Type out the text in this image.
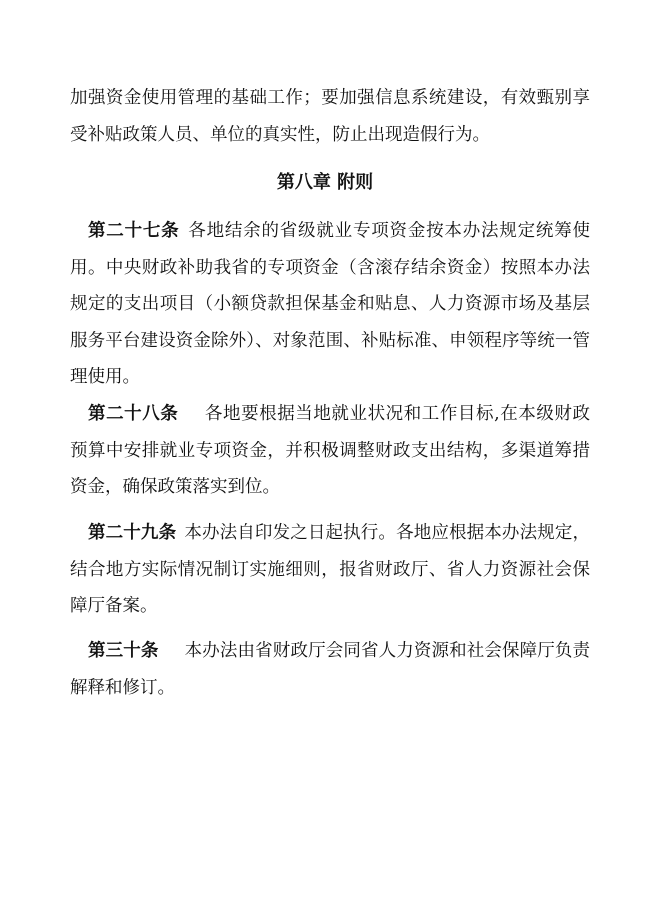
加强资金使用管理的基础工作；要加强信息系统建设，有效甄别享受补贴政策人员、单位的真实性，防止出现造假行为。

第八章 附则

第二十七条 各地结余的省级就业专项资金按本办法规定统筹使用。中央财政补助我省的专项资金（含滚存结余资金）按照本办法规定的支出项目（小额贷款担保基金和贴息、人力资源市场及基层服务平台建设资金除外）、对象范围、补贴标准、申领程序等统一管理使用。

第二十八条 各地要根据当地就业状况和工作目标,在本级财政预算中安排就业专项资金，并积极调整财政支出结构，多渠道筹措资金，确保政策落实到位。

第二十九条 本办法自印发之日起执行。各地应根据本办法规定，结合地方实际情况制订实施细则，报省财政厅、省人力资源社会保障厅备案。

第三十条 本办法由省财政厅会同省人力资源和社会保障厅负责解释和修订。
